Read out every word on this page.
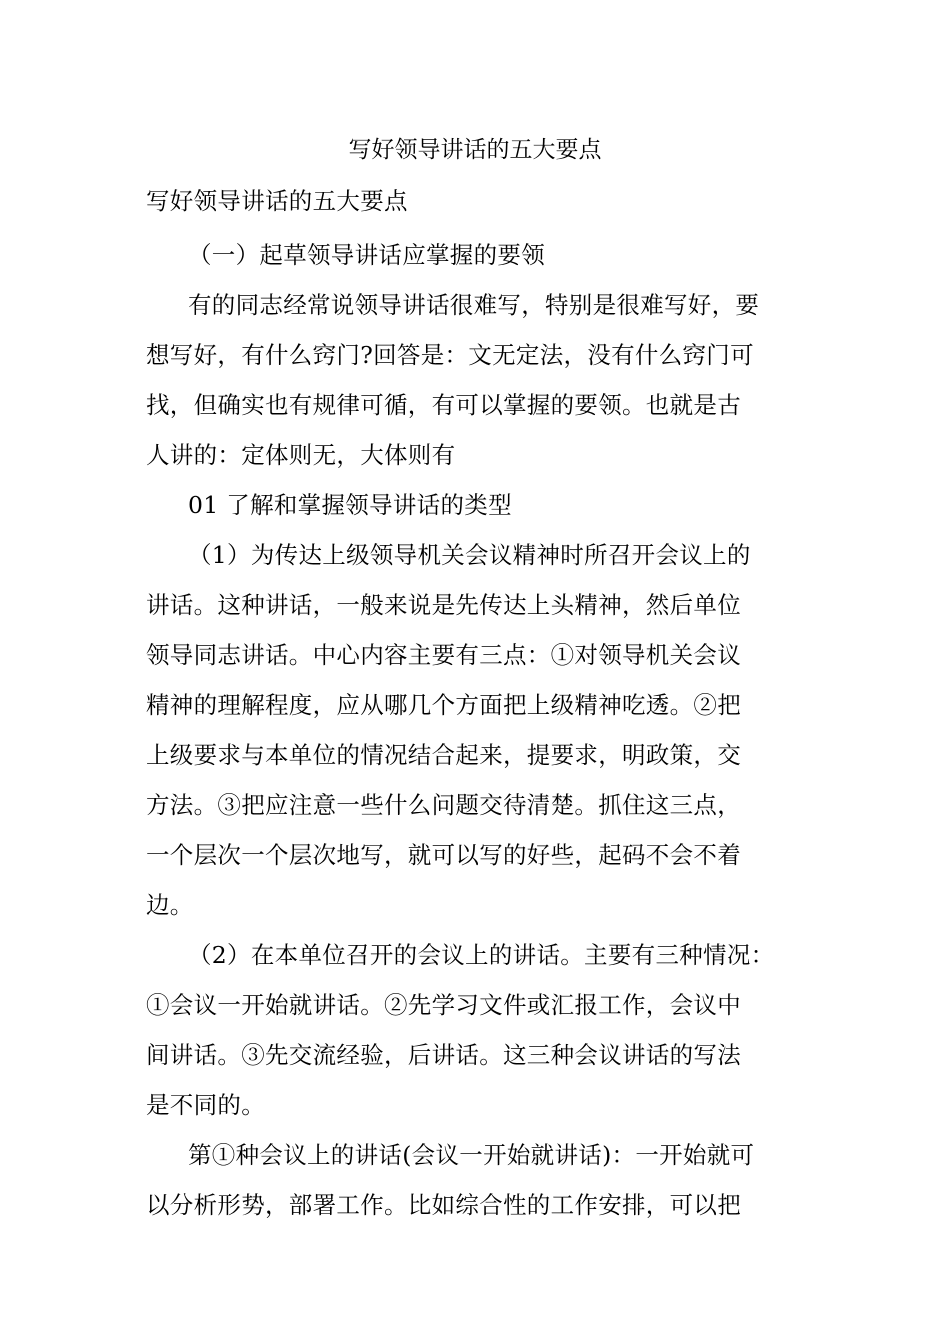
写好领导讲话的五大要点
写好领导讲话的五大要点
（一）起草领导讲话应掌握的要领
有的同志经常说领导讲话很难写，特别是很难写好，要
想写好，有什么窍门?回答是：文无定法，没有什么窍门可
找，但确实也有规律可循，有可以掌握的要领。也就是古
人讲的：定体则无，大体则有
01 了解和掌握领导讲话的类型
（1）为传达上级领导机关会议精神时所召开会议上的
讲话。这种讲话，一般来说是先传达上头精神，然后单位
领导同志讲话。中心内容主要有三点：①对领导机关会议
精神的理解程度，应从哪几个方面把上级精神吃透。②把
上级要求与本单位的情况结合起来，提要求，明政策，交
方法。③把应注意一些什么问题交待清楚。抓住这三点，
一个层次一个层次地写，就可以写的好些，起码不会不着
边。
（2）在本单位召开的会议上的讲话。主要有三种情况：
①会议一开始就讲话。②先学习文件或汇报工作，会议中
间讲话。③先交流经验，后讲话。这三种会议讲话的写法
是不同的。
第①种会议上的讲话(会议一开始就讲话)：一开始就可
以分析形势，部署工作。比如综合性的工作安排，可以把
